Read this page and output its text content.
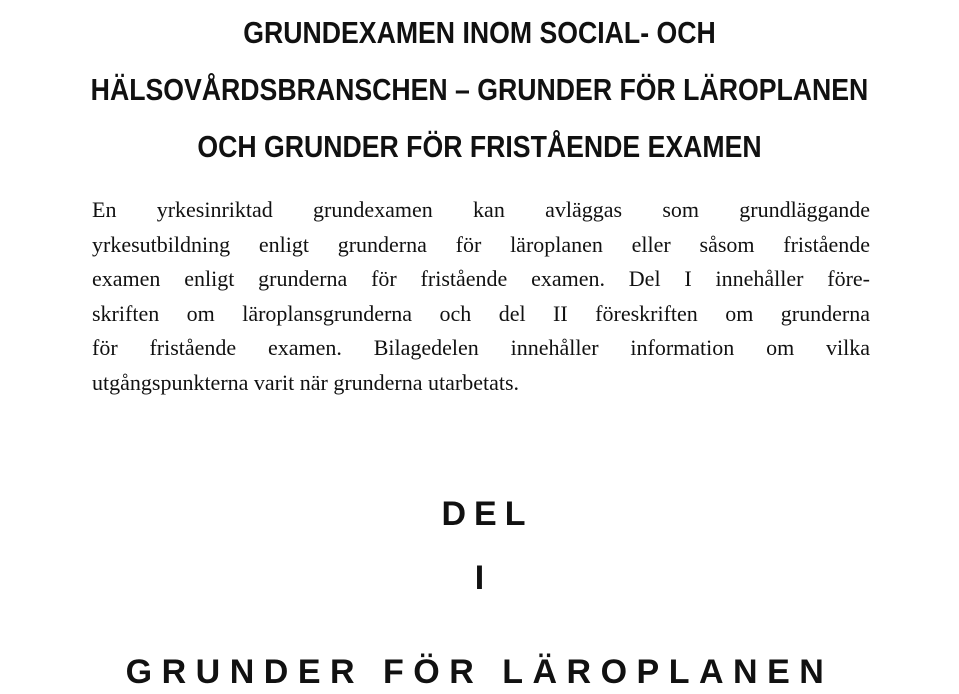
GRUNDEXAMEN INOM SOCIAL- OCH
HÄLSOVÅRDSBRANSCHEN – GRUNDER FÖR LÄROPLANEN
OCH GRUNDER FÖR FRISTÅENDE EXAMEN

En yrkesinriktad grundexamen kan avläggas som grundläggande
yrkesutbildning enligt grunderna för läroplanen eller såsom fristående
examen enligt grunderna för fristående examen. Del I innehåller före-
skriften om läroplansgrunderna och del II föreskriften om grunderna
för fristående examen. Bilagedelen innehåller information om vilka
utgångspunkterna varit när grunderna utarbetats.

DEL
I
GRUNDER FÖR LÄROPLANEN
